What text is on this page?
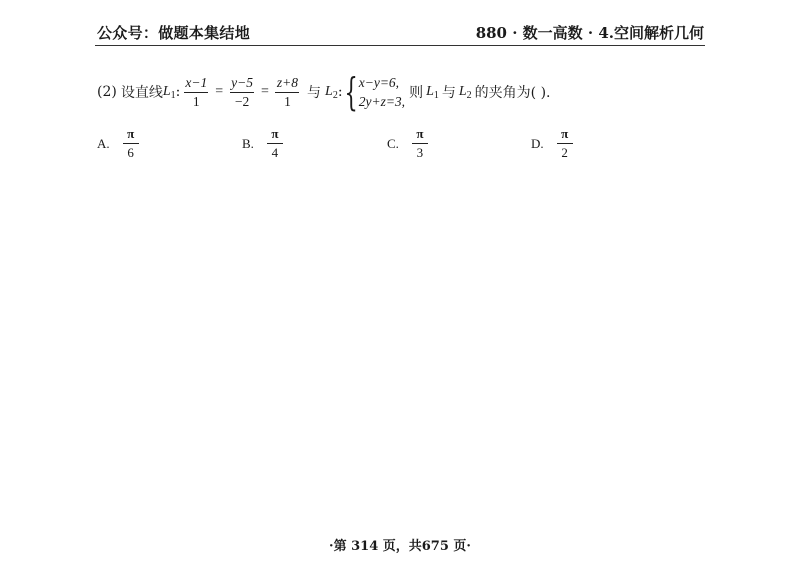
公众号：做题本集结地	880 · 数一高数 · 4.空间解析几何
(2) 设直线 $L_1$ : $\frac{x-1}{1} = \frac{y-5}{-2} = \frac{z+8}{1}$ 与 $L_2$ : { x−y=6,
2y+z=3,
则 $L_1$ 与 $L_2$ 的夹角为( ).
A. $\frac{\pi}{6}$	B. $\frac{\pi}{4}$	C. $\frac{\pi}{3}$	D. $\frac{\pi}{2}$
·第 314 页，共675 页·
